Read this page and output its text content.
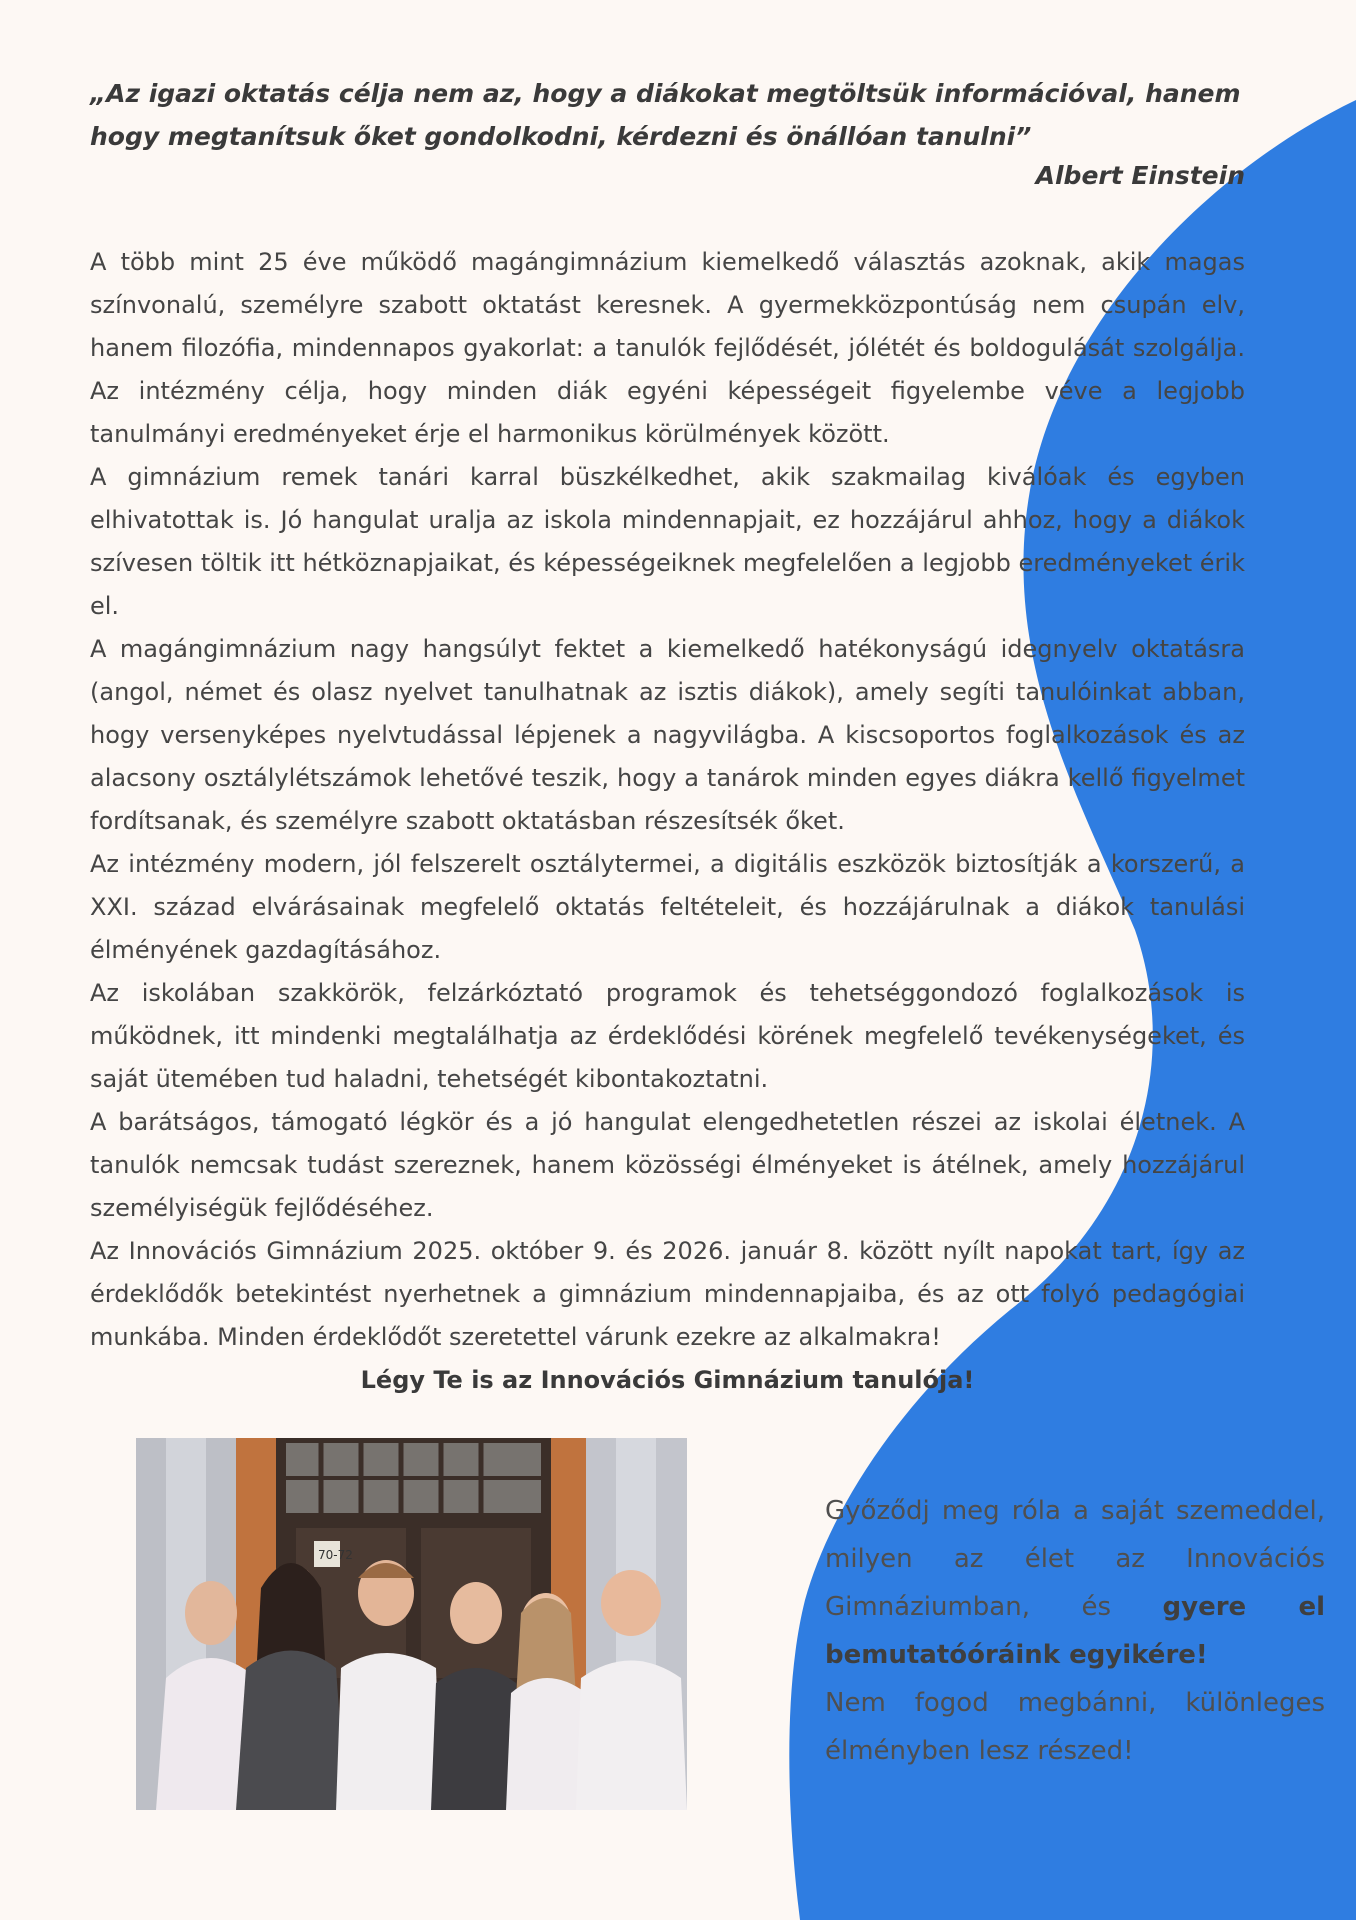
„Az igazi oktatás célja nem az, hogy a diákokat megtöltsük információval, hanem hogy megtanítsuk őket gondolkodni, kérdezni és önállóan tanulni”
Albert Einstein

A több mint 25 éve működő magángimnázium kiemelkedő választás azoknak, akik magas színvonalú, személyre szabott oktatást keresnek. A gyermekközpontúság nem csupán elv, hanem filozófia, mindennapos gyakorlat: a tanulók fejlődését, jólétét és boldogulását szolgálja. Az intézmény célja, hogy minden diák egyéni képességeit figyelembe véve a legjobb tanulmányi eredményeket érje el harmonikus körülmények között.

A gimnázium remek tanári karral büszkélkedhet, akik szakmailag kiválóak és egyben elhivatottak is. Jó hangulat uralja az iskola mindennapjait, ez hozzájárul ahhoz, hogy a diákok szívesen töltik itt hétköznapjaikat, és képességeiknek megfelelően a legjobb eredményeket érik el.

A magángimnázium nagy hangsúlyt fektet a kiemelkedő hatékonyságú idegnyelv oktatásra (angol, német és olasz nyelvet tanulhatnak az isztis diákok), amely segíti tanulóinkat abban, hogy versenyképes nyelvtudással lépjenek a nagyvilágba. A kiscsoportos foglalkozások és az alacsony osztálylétszámok lehetővé teszik, hogy a tanárok minden egyes diákra kellő figyelmet fordítsanak, és személyre szabott oktatásban részesítsék őket.

Az intézmény modern, jól felszerelt osztálytermei, a digitális eszközök biztosítják a korszerű, a XXI. század elvárásainak megfelelő oktatás feltételeit, és hozzájárulnak a diákok tanulási élményének gazdagításához.

Az iskolában szakkörök, felzárkóztató programok és tehetséggondozó foglalkozások is működnek, itt mindenki megtalálhatja az érdeklődési körének megfelelő tevékenységeket, és saját ütemében tud haladni, tehetségét kibontakoztatni.

A barátságos, támogató légkör és a jó hangulat elengedhetetlen részei az iskolai életnek. A tanulók nemcsak tudást szereznek, hanem közösségi élményeket is átélnek, amely hozzájárul személyiségük fejlődéséhez.

Az Innovációs Gimnázium 2025. október 9. és 2026. január 8. között nyílt napokat tart, így az érdeklődők betekintést nyerhetnek a gimnázium mindennapjaiba, és az ott folyó pedagógiai munkába. Minden érdeklődőt szeretettel várunk ezekre az alkalmakra!

Légy Te is az Innovációs Gimnázium tanulója!

70-72

Győződj meg róla a saját szemeddel, milyen az élet az Innovációs Gimnáziumban, és gyere el bemutatóóráink egyikére!

Nem fogod megbánni, különleges élményben lesz részed!
